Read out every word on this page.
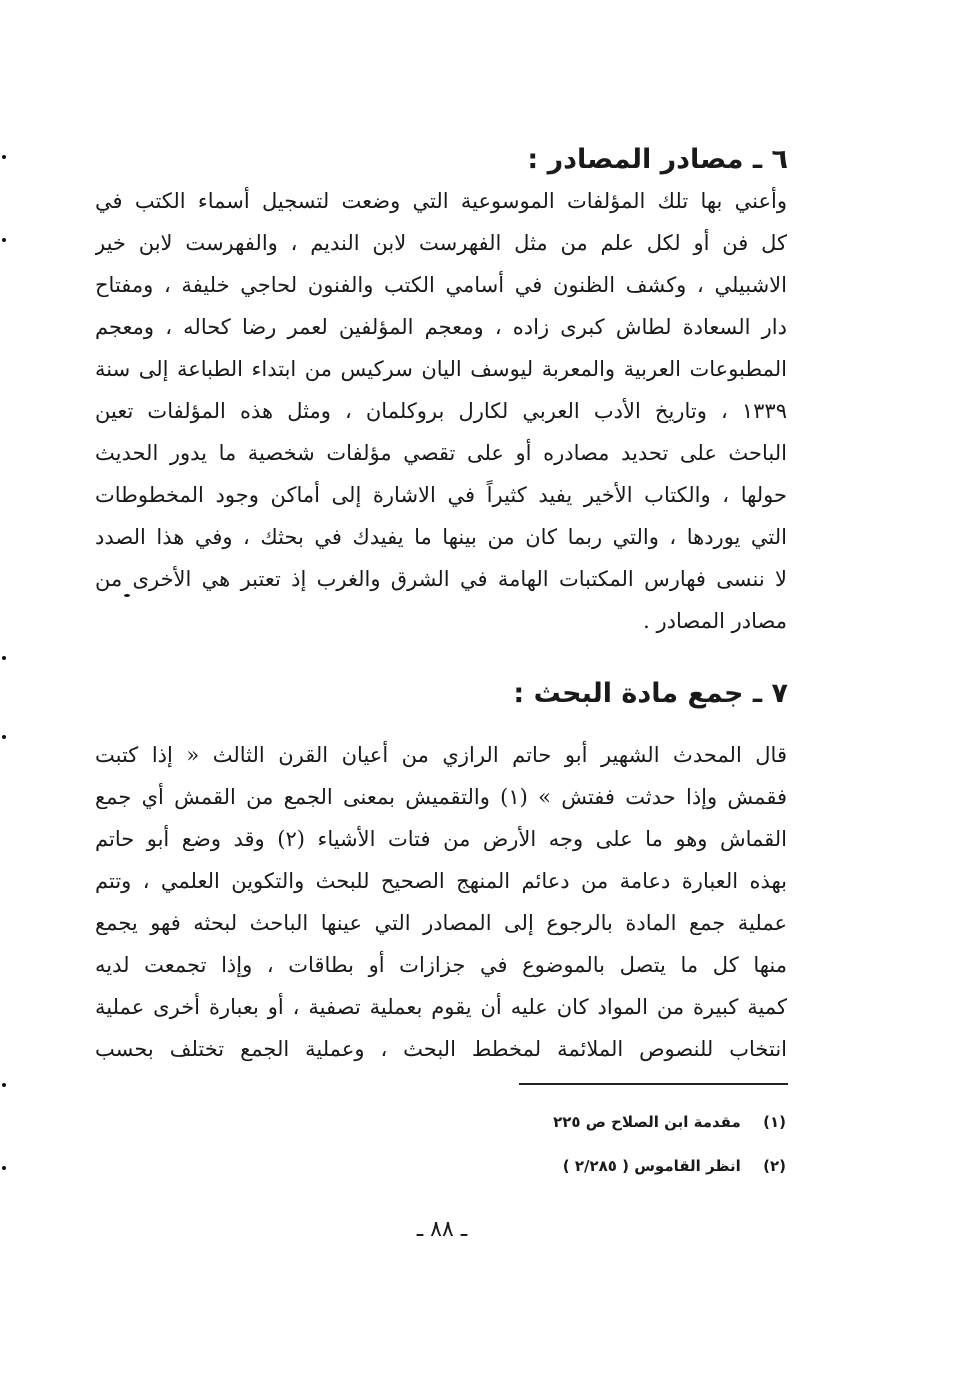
٦ ـ مصادر المصادر :
وأعني بها تلك المؤلفات الموسوعية التي وضعت لتسجيل أسماء الكتب في
كل فن أو لكل علم من مثل الفهرست لابن النديم ، والفهرست لابن خير
الاشبيلي ، وكشف الظنون في أسامي الكتب والفنون لحاجي خليفة ، ومفتاح
دار السعادة لطاش كبرى زاده ، ومعجم المؤلفين لعمر رضا كحاله ، ومعجم
المطبوعات العربية والمعربة ليوسف اليان سركيس من ابتداء الطباعة إلى سنة
١٣٣٩ ، وتاريخ الأدب العربي لكارل بروكلمان ، ومثل هذه المؤلفات تعين
الباحث على تحديد مصادره أو على تقصي مؤلفات شخصية ما يدور الحديث
حولها ، والكتاب الأخير يفيد كثيراً في الاشارة إلى أماكن وجود المخطوطات
التي يوردها ، والتي ربما كان من بينها ما يفيدك في بحثك ، وفي هذا الصدد
لا ننسى فهارس المكتبات الهامة في الشرق والغرب إذ تعتبر هي الأخرى من
مصادر المصادر .
٧ ـ جمع مادة البحث :
قال المحدث الشهير أبو حاتم الرازي من أعيان القرن الثالث « إذا كتبت
فقمش وإذا حدثت ففتش » (١) والتقميش بمعنى الجمع من القمش أي جمع
القماش وهو ما على وجه الأرض من فتات الأشياء (٢) وقد وضع أبو حاتم
بهذه العبارة دعامة من دعائم المنهج الصحيح للبحث والتكوين العلمي ، وتتم
عملية جمع المادة بالرجوع إلى المصادر التي عينها الباحث لبحثه فهو يجمع
منها كل ما يتصل بالموضوع في جزازات أو بطاقات ، وإذا تجمعت لديه
كمية كبيرة من المواد كان عليه أن يقوم بعملية تصفية ، أو بعبارة أخرى عملية
انتخاب للنصوص الملائمة لمخطط البحث ، وعملية الجمع تختلف بحسب
(١) مقدمة ابن الصلاح ص ٢٢٥
(٢) انظر القاموس ( ٢/٢٨٥ )
ـ ٨٨ ـ
